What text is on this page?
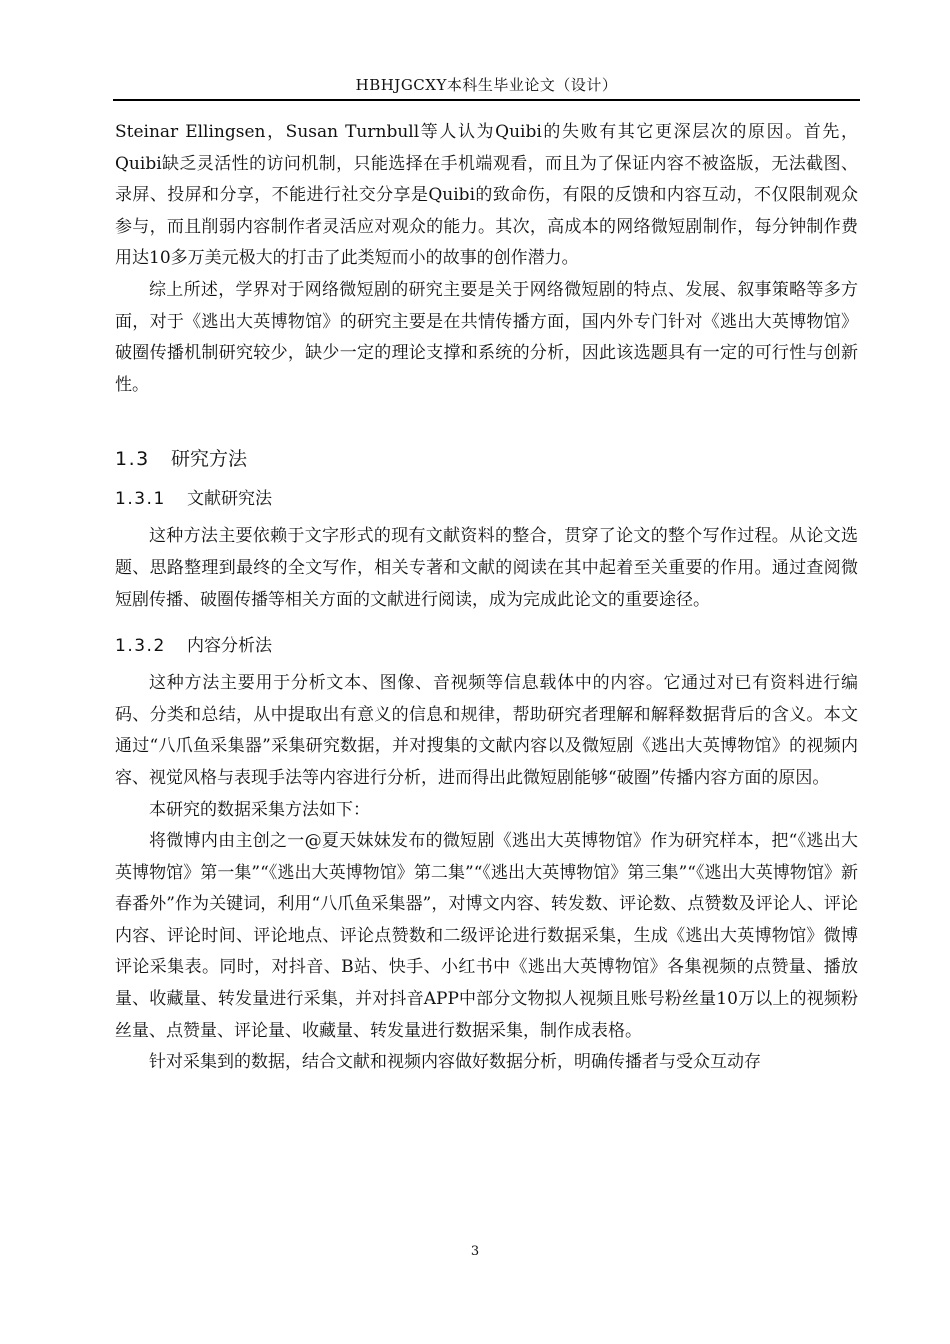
HBHJGCXY本科生毕业论文（设计）

Steinar Ellingsen，Susan Turnbull等人认为Quibi的失败有其它更深层次的原因。首先，Quibi缺乏灵活性的访问机制，只能选择在手机端观看，而且为了保证内容不被盗版，无法截图、录屏、投屏和分享，不能进行社交分享是Quibi的致命伤，有限的反馈和内容互动，不仅限制观众参与，而且削弱内容制作者灵活应对观众的能力。其次，高成本的网络微短剧制作，每分钟制作费用达10多万美元极大的打击了此类短而小的故事的创作潜力。

综上所述，学界对于网络微短剧的研究主要是关于网络微短剧的特点、发展、叙事策略等多方面，对于《逃出大英博物馆》的研究主要是在共情传播方面，国内外专门针对《逃出大英博物馆》破圈传播机制研究较少，缺少一定的理论支撑和系统的分析，因此该选题具有一定的可行性与创新性。

1.3 研究方法

1.3.1 文献研究法

这种方法主要依赖于文字形式的现有文献资料的整合，贯穿了论文的整个写作过程。从论文选题、思路整理到最终的全文写作，相关专著和文献的阅读在其中起着至关重要的作用。通过查阅微短剧传播、破圈传播等相关方面的文献进行阅读，成为完成此论文的重要途径。

1.3.2 内容分析法

这种方法主要用于分析文本、图像、音视频等信息载体中的内容。它通过对已有资料进行编码、分类和总结，从中提取出有意义的信息和规律，帮助研究者理解和解释数据背后的含义。本文通过“八爪鱼采集器”采集研究数据，并对搜集的文献内容以及微短剧《逃出大英博物馆》的视频内容、视觉风格与表现手法等内容进行分析，进而得出此微短剧能够“破圈”传播内容方面的原因。

本研究的数据采集方法如下：

将微博内由主创之一@夏天妹妹发布的微短剧《逃出大英博物馆》作为研究样本，把“《逃出大英博物馆》第一集”“《逃出大英博物馆》第二集”“《逃出大英博物馆》第三集”“《逃出大英博物馆》新春番外”作为关键词，利用“八爪鱼采集器”，对博文内容、转发数、评论数、点赞数及评论人、评论内容、评论时间、评论地点、评论点赞数和二级评论进行数据采集，生成《逃出大英博物馆》微博评论采集表。同时，对抖音、B站、快手、小红书中《逃出大英博物馆》各集视频的点赞量、播放量、收藏量、转发量进行采集，并对抖音APP中部分文物拟人视频且账号粉丝量10万以上的视频粉丝量、点赞量、评论量、收藏量、转发量进行数据采集，制作成表格。

针对采集到的数据，结合文献和视频内容做好数据分析，明确传播者与受众互动存

3
